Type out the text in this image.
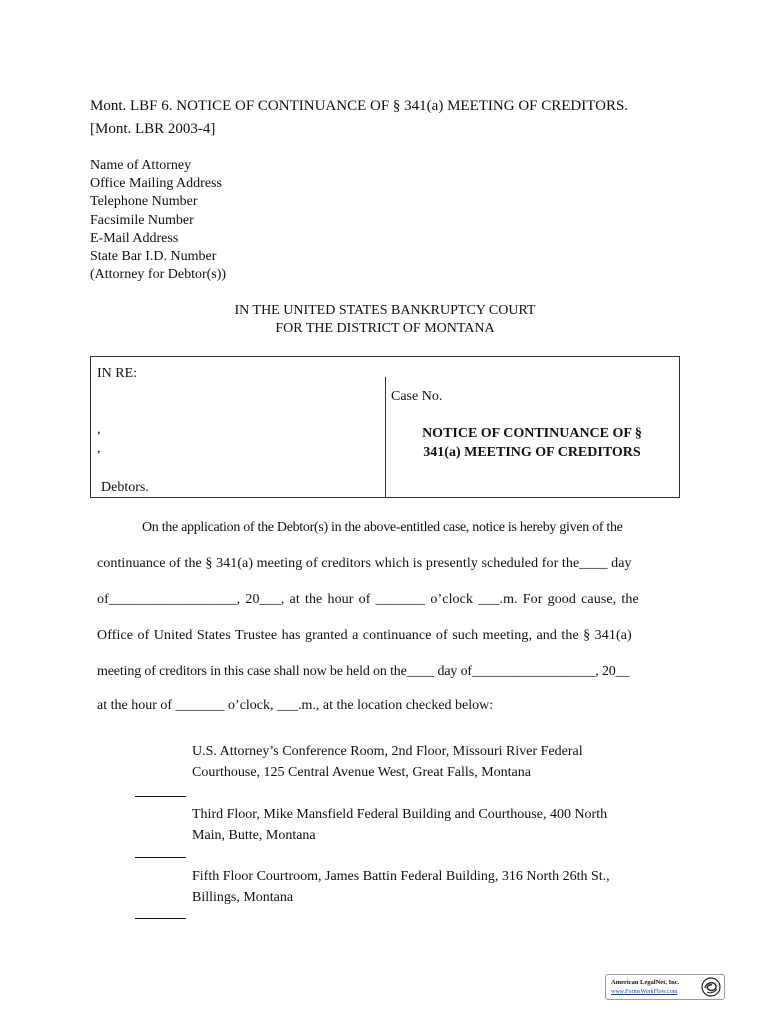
Mont. LBF 6. NOTICE OF CONTINUANCE OF § 341(a) MEETING OF CREDITORS.
[Mont. LBR 2003-4]
Name of Attorney
Office Mailing Address
Telephone Number
Facsimile Number
E-Mail Address
State Bar I.D. Number
(Attorney for Debtor(s))
IN THE UNITED STATES BANKRUPTCY COURT
FOR THE DISTRICT OF MONTANA
IN RE:
,
,
Debtors.
Case No.
NOTICE OF CONTINUANCE OF §
341(a) MEETING OF CREDITORS
On the application of the Debtor(s) in the above-entitled case, notice is hereby given of the
continuance of the § 341(a) meeting of creditors which is presently scheduled for the____ day
of__________________, 20___, at the hour of _______ o’clock ___.m. For good cause, the
Office of United States Trustee has granted a continuance of such meeting, and the § 341(a)
meeting of creditors in this case shall now be held on the____ day of__________________, 20__
at the hour of _______ o’clock, ___.m., at the location checked below:
U.S. Attorney’s Conference Room, 2nd Floor, Missouri River Federal
Courthouse, 125 Central Avenue West, Great Falls, Montana
Third Floor, Mike Mansfield Federal Building and Courthouse, 400 North
Main, Butte, Montana
Fifth Floor Courtroom, James Battin Federal Building, 316 North 26th St.,
Billings, Montana
American LegalNet, Inc.
www.FormsWorkFlow.com
